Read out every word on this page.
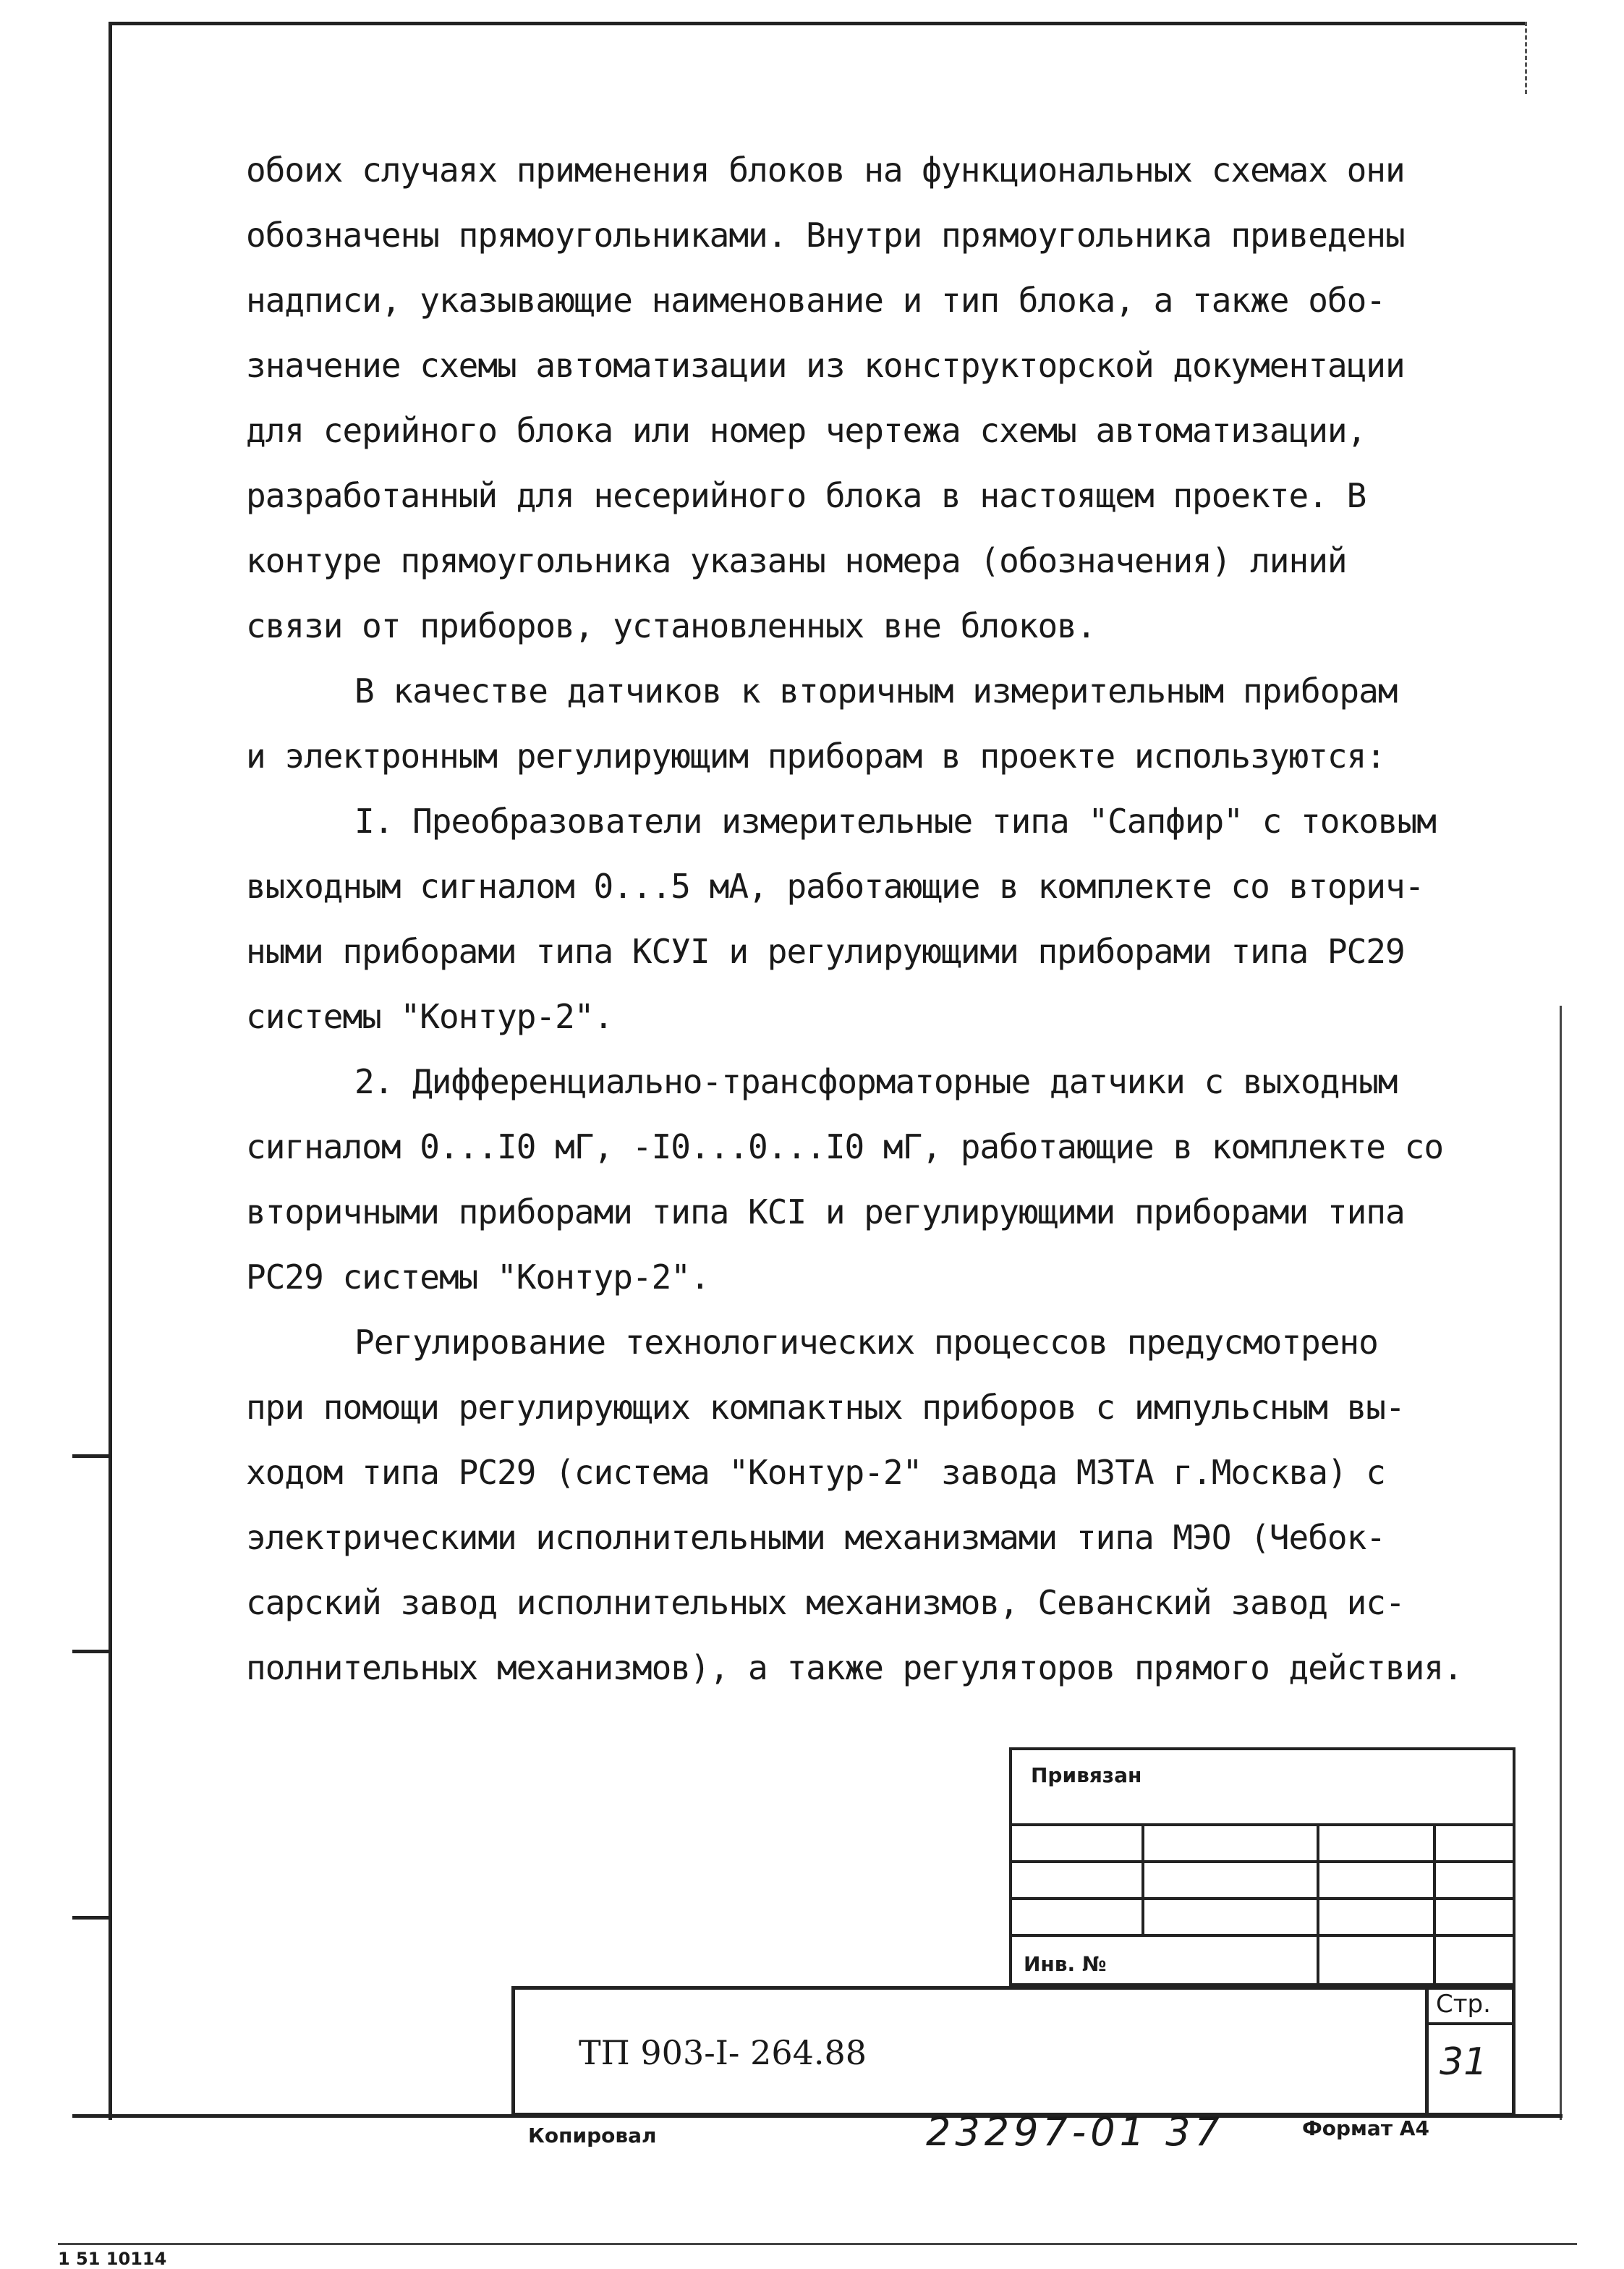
обоих случаях применения блоков на функциональных схемах они
обозначены прямоугольниками. Внутри прямоугольника приведены
надписи, указывающие наименование и тип блока, а также обо-
значение схемы автоматизации из конструкторской документации
для серийного блока или номер чертежа схемы автоматизации,
разработанный для несерийного блока в настоящем проекте. В
контуре прямоугольника указаны номера (обозначения) линий
связи от приборов, установленных вне блоков.
В качестве датчиков к вторичным измерительным приборам
и электронным регулирующим приборам в проекте используются:
I. Преобразователи измерительные типа "Сапфир" с токовым
выходным сигналом 0...5 мА, работающие в комплекте со вторич-
ными приборами типа КСУI и регулирующими приборами типа РС29
системы "Контур-2".
2. Дифференциально-трансформаторные датчики с выходным
сигналом 0...I0 мГ, -I0...0...I0 мГ, работающие в комплекте со
вторичными приборами типа КСI и регулирующими приборами типа
РС29 системы "Контур-2".
Регулирование технологических процессов предусмотрено
при помощи регулирующих компактных приборов с импульсным вы-
ходом типа РС29 (система "Контур-2" завода МЗТА г.Москва) с
электрическими исполнительными механизмами типа МЭО (Чебок-
сарский завод исполнительных механизмов, Севанский завод ис-
полнительных механизмов), а также регуляторов прямого действия.
Привязан
Инв. №
ТП 903-I- 264.88
Стр.
31
Копировал	23297-01 37	Формат А4
1 51 10114
